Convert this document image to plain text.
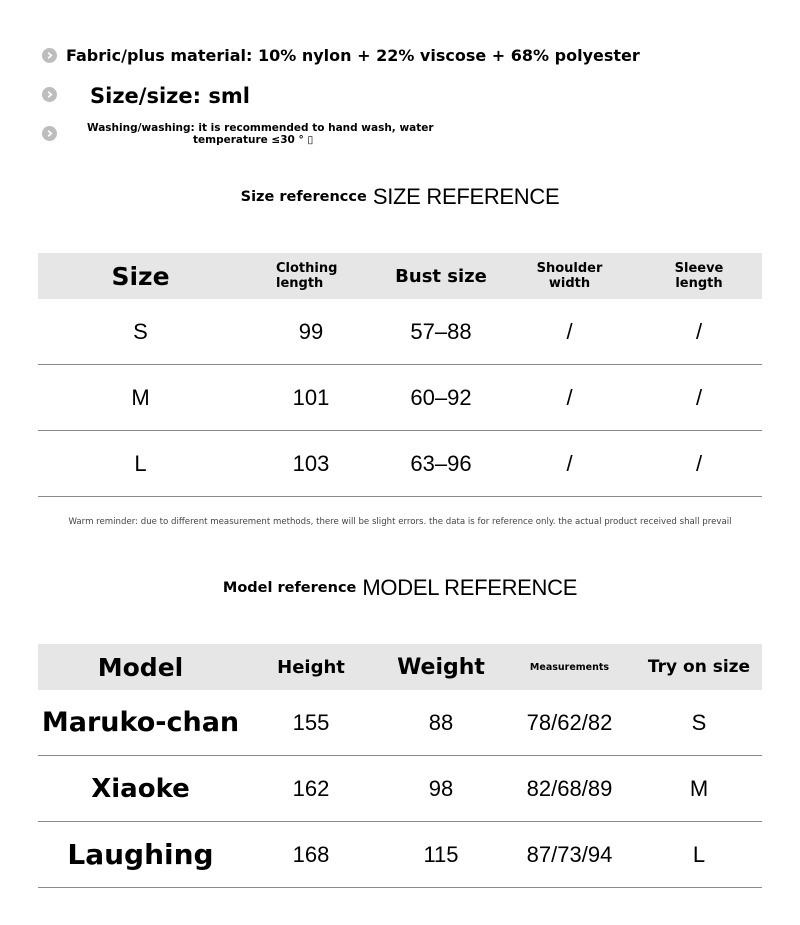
Fabric/plus material: 10% nylon + 22% viscose + 68% polyester
Size/size: sml
Washing/washing: it is recommended to hand wash, water
temperature ≤30 ° ▯
Size referencce SIZE REFERENCE
Size	Clothing length	Bust size	Shoulder width	Sleeve length
S	99	57–88	/	/
M	101	60–92	/	/
L	103	63–96	/	/
Warm reminder: due to different measurement methods, there will be slight errors. the data is for reference only. the actual product received shall prevail
Model reference MODEL REFERENCE
Model	Height	Weight	Measurements	Try on size
Maruko-chan	155	88	78/62/82	S
Xiaoke	162	98	82/68/89	M
Laughing	168	115	87/73/94	L
